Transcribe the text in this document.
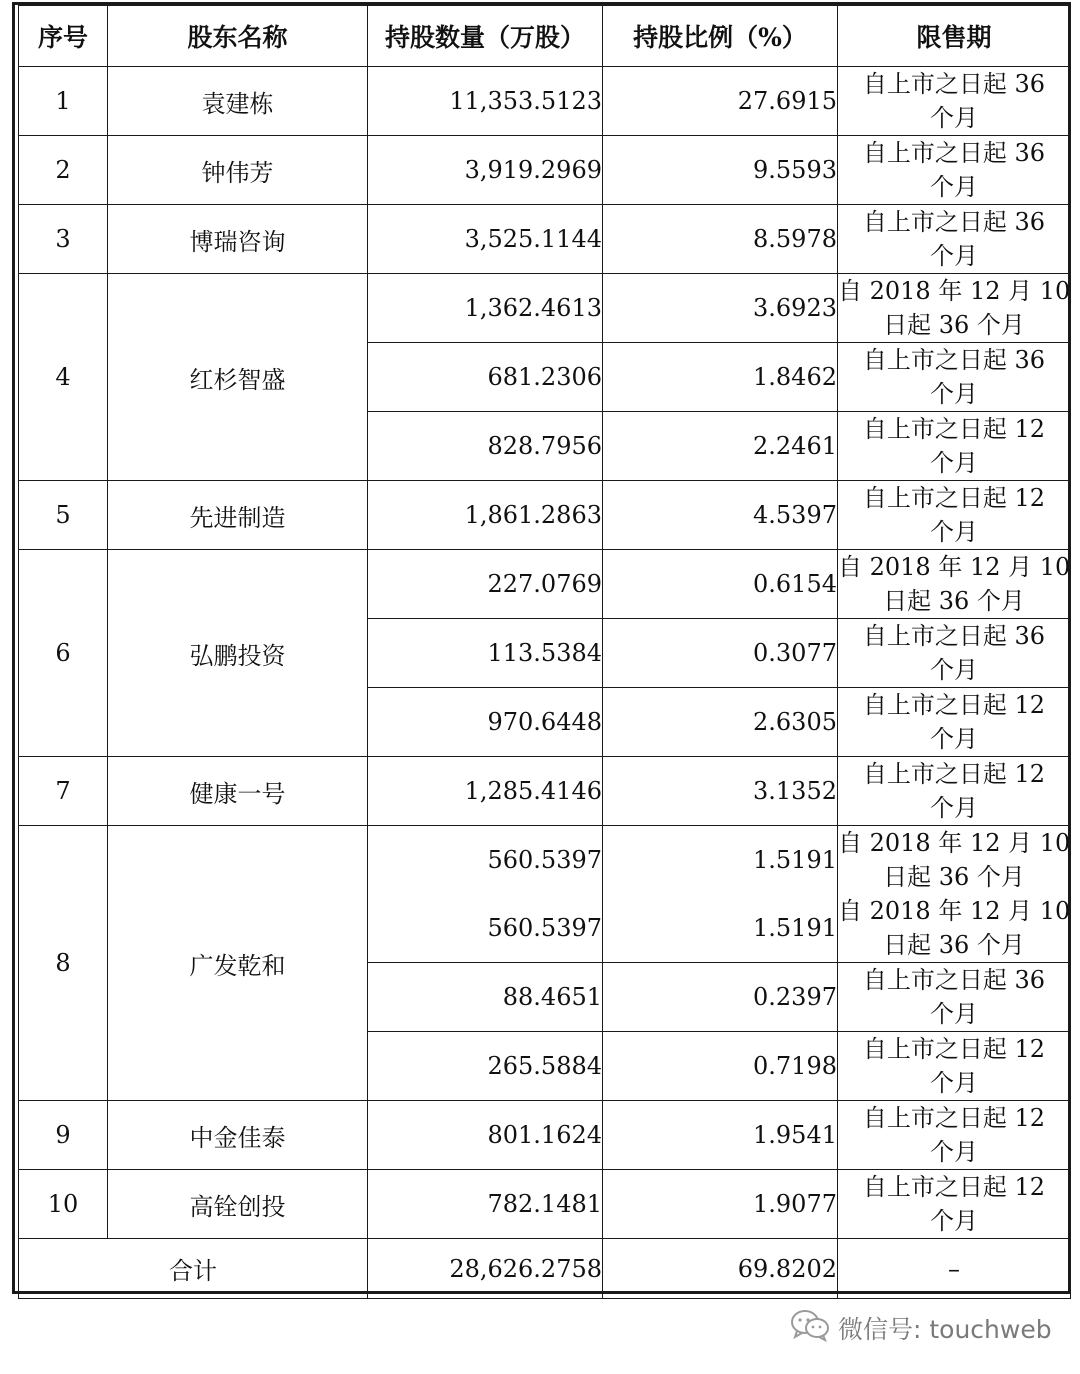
序号	股东名称	持股数量（万股）	持股比例（%）	限售期
1	袁建栋	11,353.5123	27.6915	自上市之日起 36
个月

2	钟伟芳	3,919.2969	9.5593	自上市之日起 36
个月

3	博瑞咨询	3,525.1144	8.5978	自上市之日起 36
个月

4	红杉智盛	1,362.4613	3.6923	自 2018 年 12 月 10
日起 36 个月

		681.2306	1.8462	自上市之日起 36
个月

		828.7956	2.2461	自上市之日起 12
个月

5	先进制造	1,861.2863	4.5397	自上市之日起 12
个月

6	弘鹏投资	227.0769	0.6154	自 2018 年 12 月 10
日起 36 个月

		113.5384	0.3077	自上市之日起 36
个月

		970.6448	2.6305	自上市之日起 12
个月

7	健康一号	1,285.4146	3.1352	自上市之日起 12
个月

8	广发乾和	560.5397	1.5191	自 2018 年 12 月 10
日起 36 个月

		560.5397	1.5191	自 2018 年 12 月 10
日起 36 个月

		88.4651	0.2397	自上市之日起 36
个月

		265.5884	0.7198	自上市之日起 12
个月

9	中金佳泰	801.1624	1.9541	自上市之日起 12
个月

10	高铨创投	782.1481	1.9077	自上市之日起 12
个月

合计		28,626.2758	69.8202	–
微信号: touchweb
